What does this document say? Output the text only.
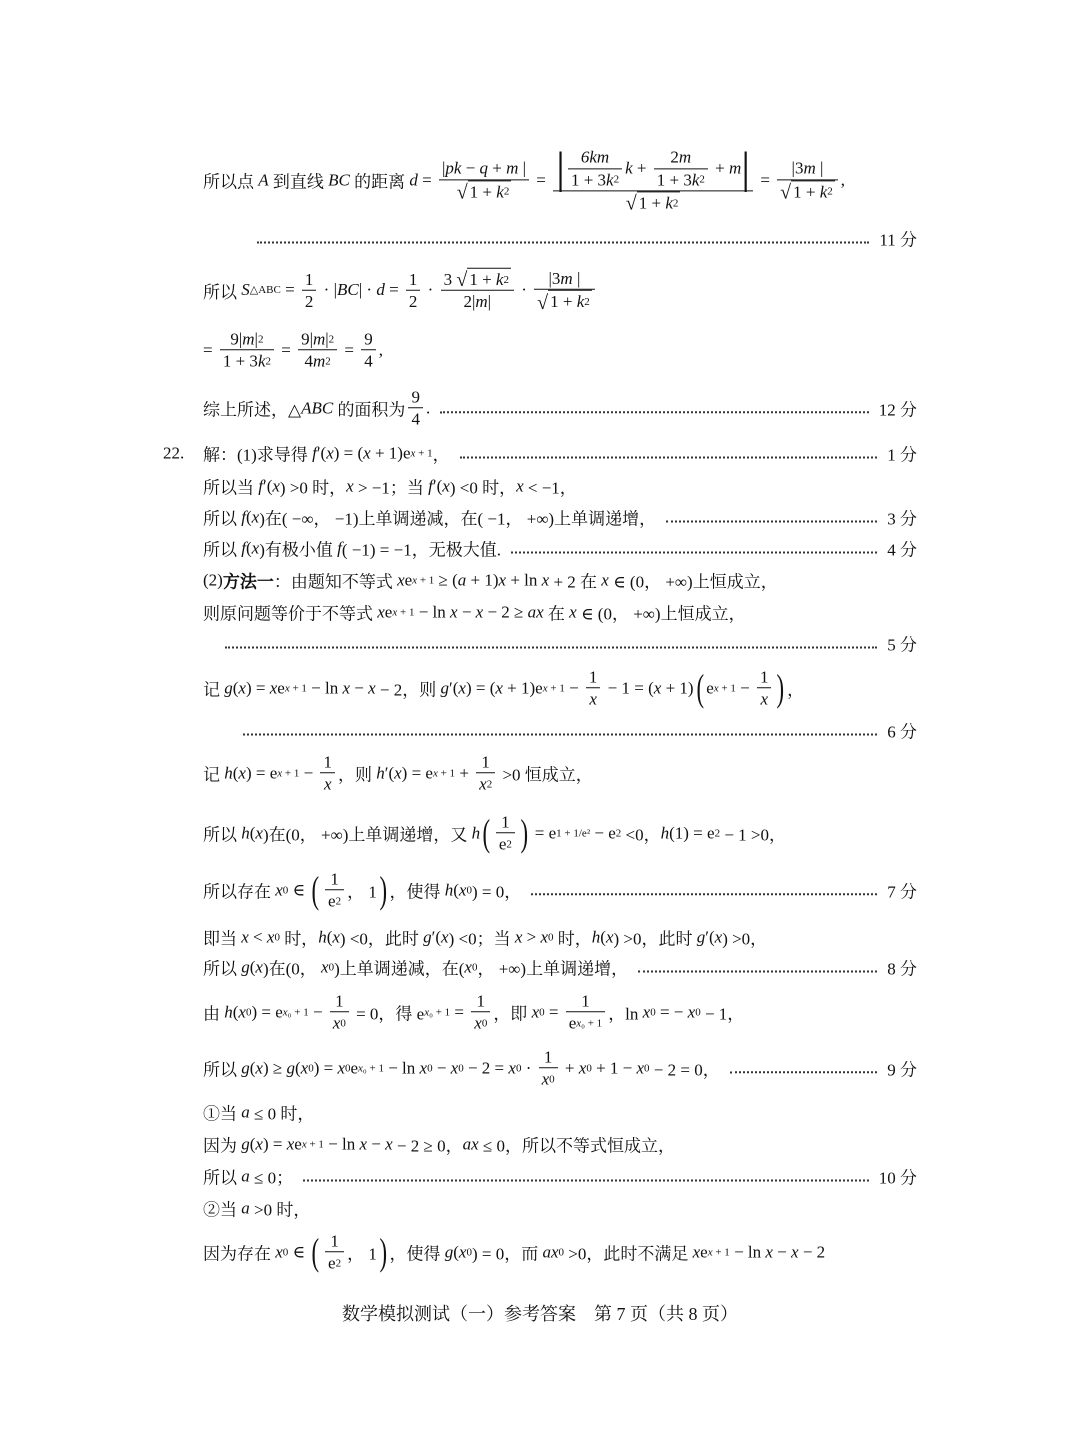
所以点 A 到直线 BC 的距离 $d = \frac{| pk - q + m |}{√ 1 + k 2} = \frac{| \frac{6km}{1 + 3 k 2} k + \frac{2 m}{1 + 3 k 2} + m |}{√ 1 + k 2} = \frac{|3 m |}{√ 1 + k 2}$ ,
11 分
所以 S △ABC = $\frac{1}{2}$ · | BC | · $d = \frac{1}{2} \cdot \frac{3 √ 1 + k 2}{2| m |} \cdot \frac{|3 m |}{√ 1 + k 2}$
= $\frac{9| m | 2}{1 + 3 k 2} = \frac{9| m | 2}{4 m 2} = \frac{9}{4}$ ,
综上所述，△ ABC 的面积为 $\frac{9}{4}$ .	12 分
22. 解：(1)求导得 f ′( x ) = ( x + 1)e x + 1 ，	1 分
所以当 f ′( x ) >0 时， x > −1；当 f ′( x ) <0 时， x < −1，
所以 f ( x )在( −∞， −1)上单调递减，在( −1， +∞)上单调递增，	3 分
所以 f ( x )有极小值 f ( −1) = −1，无极大值.	4 分
(2) 方法一 ：由题知不等式 x e x + 1 ≥ ( a + 1) x + ln x + 2 在 x ∈ (0， +∞)上恒成立，
则原问题等价于不等式 x e x + 1 − ln x − x − 2 ≥ ax 在 x ∈ (0， +∞)上恒成立，
5 分
记 g ( x ) = x e x + 1 − ln x − x − 2，则 g ′( x ) = ( x + 1)e $x + 1 - \frac{1}{x} - 1$ = ( x + 1) ( e $x + 1 - \frac{1}{x}$ ) ，
6 分
记 h ( x ) = e $x + 1 - \frac{1}{x}$ ，则 h ′( x ) = e $x + 1 + \frac{1}{x 2} >0$ 恒成立，
所以 h ( x )在(0， +∞)上单调递增，又 h ( $\frac{1}{e 2}$ ) = e 1 + 1/e² − e 2 <0， h (1) = e 2 − 1 >0，
所以存在 x 0 ∈ ( $\frac{1}{e 2}$ ， 1 ) ，使得 h ( x 0 ) = 0，	7 分
即当 x < x 0 时， h ( x ) <0，此时 g ′( x ) <0；当 x > x 0 时， h ( x ) >0，此时 g ′( x ) >0，
所以 g ( x )在(0， x 0 )上单调递减，在( x 0 ， +∞)上单调递增，	8 分
由 h ( x 0 ) = e x $_0 + 1 - \frac{1}{x 0} = 0$，得 e x $_0 + 1 = \frac{1}{x 0}$ ，即 x $0 = \frac{1}{\text{e x ₀ + 1}}$ ，ln x 0 = − x 0 − 1，
所以 g ( x ) ≥ g ( x 0 ) = x 0 e x ₀ + 1 − ln x 0 − x 0 − 2 = x $0 \cdot \frac{1}{x 0} + x$ 0 + 1 − x 0 − 2 = 0，	9 分
①当 a ≤ 0 时，
因为 g ( x ) = x e x + 1 − ln x − x − 2 ≥ 0， ax ≤ 0，所以不等式恒成立，
所以 a ≤ 0；	10 分
②当 a >0 时，
因为存在 x 0 ∈ ( $\frac{1}{e 2}$ ， 1 ) ，使得 g ( x 0 ) = 0，而 ax 0 >0，此时不满足 x e x + 1 − ln x − x − 2
数学模拟测试（一）参考答案　第 7 页（共 8 页）
